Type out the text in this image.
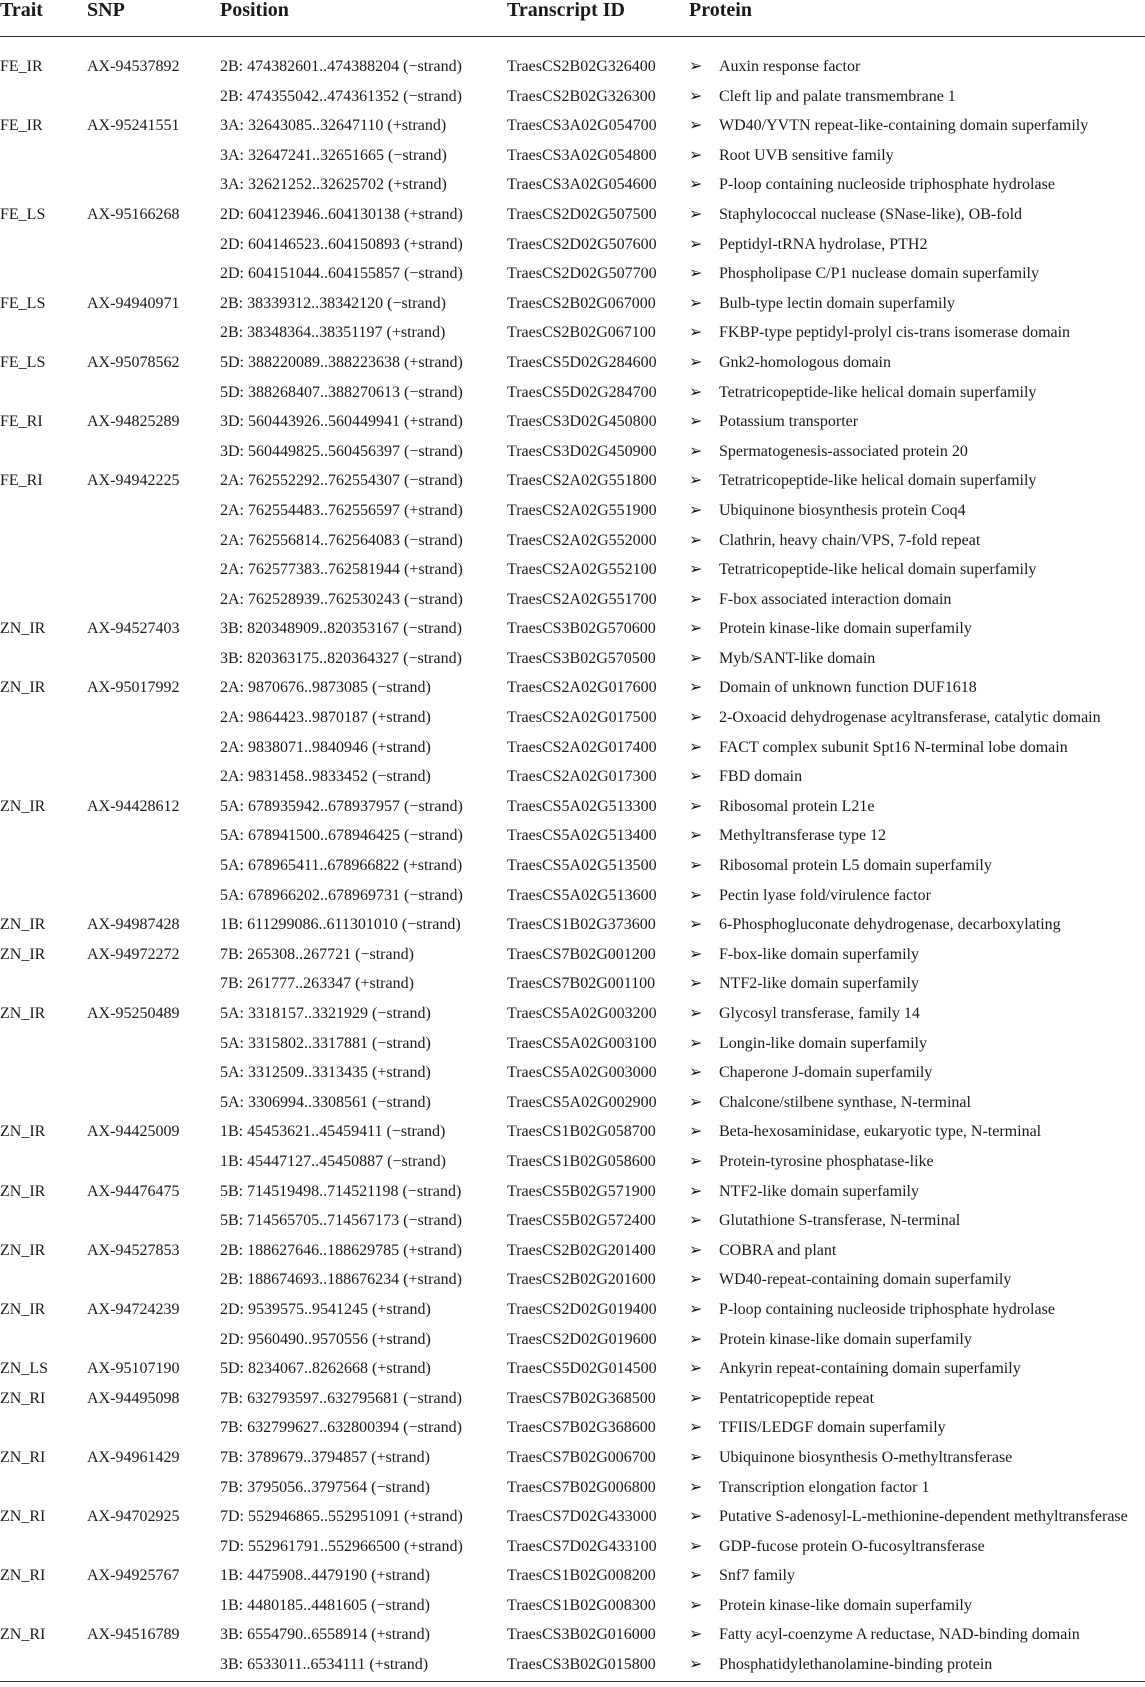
Trait SNP	Position	Transcript ID	Protein
FE_IR	AX-94537892	2B: 474382601..474388204 (−strand)	TraesCS2B02G326400 ➢ Auxin response factor
2B: 474355042..474361352 (−strand)	TraesCS2B02G326300 ➢ Cleft lip and palate transmembrane 1
FE_IR	AX-95241551	3A: 32643085..32647110 (+strand)	TraesCS3A02G054700 ➢ WD40/YVTN repeat-like-containing domain superfamily
3A: 32647241..32651665 (−strand)	TraesCS3A02G054800 ➢ Root UVB sensitive family
3A: 32621252..32625702 (+strand)	TraesCS3A02G054600 ➢ P-loop containing nucleoside triphosphate hydrolase
FE_LS	AX-95166268	2D: 604123946..604130138 (+strand)	TraesCS2D02G507500 ➢ Staphylococcal nuclease (SNase-like), OB-fold
2D: 604146523..604150893 (+strand)	TraesCS2D02G507600 ➢ Peptidyl-tRNA hydrolase, PTH2
2D: 604151044..604155857 (−strand)	TraesCS2D02G507700 ➢ Phospholipase C/P1 nuclease domain superfamily
FE_LS	AX-94940971	2B: 38339312..38342120 (−strand)	TraesCS2B02G067000 ➢ Bulb-type lectin domain superfamily
2B: 38348364..38351197 (+strand)	TraesCS2B02G067100 ➢ FKBP-type peptidyl-prolyl cis-trans isomerase domain
FE_LS	AX-95078562	5D: 388220089..388223638 (+strand)	TraesCS5D02G284600 ➢ Gnk2-homologous domain
5D: 388268407..388270613 (−strand)	TraesCS5D02G284700 ➢ Tetratricopeptide-like helical domain superfamily
FE_RI	AX-94825289	3D: 560443926..560449941 (+strand)	TraesCS3D02G450800 ➢ Potassium transporter
3D: 560449825..560456397 (−strand)	TraesCS3D02G450900 ➢ Spermatogenesis-associated protein 20
FE_RI	AX-94942225	2A: 762552292..762554307 (−strand)	TraesCS2A02G551800 ➢ Tetratricopeptide-like helical domain superfamily
2A: 762554483..762556597 (+strand)	TraesCS2A02G551900 ➢ Ubiquinone biosynthesis protein Coq4
2A: 762556814..762564083 (−strand)	TraesCS2A02G552000 ➢ Clathrin, heavy chain/VPS, 7-fold repeat
2A: 762577383..762581944 (+strand)	TraesCS2A02G552100 ➢ Tetratricopeptide-like helical domain superfamily
2A: 762528939..762530243 (−strand)	TraesCS2A02G551700 ➢ F-box associated interaction domain
ZN_IR	AX-94527403	3B: 820348909..820353167 (−strand)	TraesCS3B02G570600 ➢ Protein kinase-like domain superfamily
3B: 820363175..820364327 (−strand)	TraesCS3B02G570500 ➢ Myb/SANT-like domain
ZN_IR	AX-95017992	2A: 9870676..9873085 (−strand)	TraesCS2A02G017600 ➢ Domain of unknown function DUF1618
2A: 9864423..9870187 (+strand)	TraesCS2A02G017500 ➢ 2-Oxoacid dehydrogenase acyltransferase, catalytic domain
2A: 9838071..9840946 (+strand)	TraesCS2A02G017400 ➢ FACT complex subunit Spt16 N-terminal lobe domain
2A: 9831458..9833452 (−strand)	TraesCS2A02G017300 ➢ FBD domain
ZN_IR	AX-94428612	5A: 678935942..678937957 (−strand)	TraesCS5A02G513300 ➢ Ribosomal protein L21e
5A: 678941500..678946425 (−strand)	TraesCS5A02G513400 ➢ Methyltransferase type 12
5A: 678965411..678966822 (+strand)	TraesCS5A02G513500 ➢ Ribosomal protein L5 domain superfamily
5A: 678966202..678969731 (−strand)	TraesCS5A02G513600 ➢ Pectin lyase fold/virulence factor
ZN_IR	AX-94987428	1B: 611299086..611301010 (−strand)	TraesCS1B02G373600 ➢ 6-Phosphogluconate dehydrogenase, decarboxylating
ZN_IR	AX-94972272	7B: 265308..267721 (−strand)	TraesCS7B02G001200 ➢ F-box-like domain superfamily
7B: 261777..263347 (+strand)	TraesCS7B02G001100 ➢ NTF2-like domain superfamily
ZN_IR	AX-95250489	5A: 3318157..3321929 (−strand)	TraesCS5A02G003200 ➢ Glycosyl transferase, family 14
5A: 3315802..3317881 (−strand)	TraesCS5A02G003100 ➢ Longin-like domain superfamily
5A: 3312509..3313435 (+strand)	TraesCS5A02G003000 ➢ Chaperone J-domain superfamily
5A: 3306994..3308561 (−strand)	TraesCS5A02G002900 ➢ Chalcone/stilbene synthase, N-terminal
ZN_IR	AX-94425009	1B: 45453621..45459411 (−strand)	TraesCS1B02G058700 ➢ Beta-hexosaminidase, eukaryotic type, N-terminal
1B: 45447127..45450887 (−strand)	TraesCS1B02G058600 ➢ Protein-tyrosine phosphatase-like
ZN_IR	AX-94476475	5B: 714519498..714521198 (−strand)	TraesCS5B02G571900 ➢ NTF2-like domain superfamily
5B: 714565705..714567173 (−strand)	TraesCS5B02G572400 ➢ Glutathione S-transferase, N-terminal
ZN_IR	AX-94527853	2B: 188627646..188629785 (+strand)	TraesCS2B02G201400 ➢ COBRA and plant
2B: 188674693..188676234 (+strand)	TraesCS2B02G201600 ➢ WD40-repeat-containing domain superfamily
ZN_IR	AX-94724239	2D: 9539575..9541245 (+strand)	TraesCS2D02G019400 ➢ P-loop containing nucleoside triphosphate hydrolase
2D: 9560490..9570556 (+strand)	TraesCS2D02G019600 ➢ Protein kinase-like domain superfamily
ZN_LS AX-95107190	5D: 8234067..8262668 (+strand)	TraesCS5D02G014500 ➢ Ankyrin repeat-containing domain superfamily
ZN_RI	AX-94495098	7B: 632793597..632795681 (−strand)	TraesCS7B02G368500 ➢ Pentatricopeptide repeat
7B: 632799627..632800394 (−strand)	TraesCS7B02G368600 ➢ TFIIS/LEDGF domain superfamily
ZN_RI	AX-94961429	7B: 3789679..3794857 (+strand)	TraesCS7B02G006700 ➢ Ubiquinone biosynthesis O-methyltransferase
7B: 3795056..3797564 (−strand)	TraesCS7B02G006800 ➢ Transcription elongation factor 1
ZN_RI	AX-94702925	7D: 552946865..552951091 (+strand)	TraesCS7D02G433000 ➢ Putative S-adenosyl-L-methionine-dependent methyltransferase
7D: 552961791..552966500 (+strand)	TraesCS7D02G433100 ➢ GDP-fucose protein O-fucosyltransferase
ZN_RI	AX-94925767	1B: 4475908..4479190 (+strand)	TraesCS1B02G008200 ➢ Snf7 family
1B: 4480185..4481605 (−strand)	TraesCS1B02G008300 ➢ Protein kinase-like domain superfamily
ZN_RI	AX-94516789	3B: 6554790..6558914 (+strand)	TraesCS3B02G016000 ➢ Fatty acyl-coenzyme A reductase, NAD-binding domain
3B: 6533011..6534111 (+strand)	TraesCS3B02G015800 ➢ Phosphatidylethanolamine-binding protein
